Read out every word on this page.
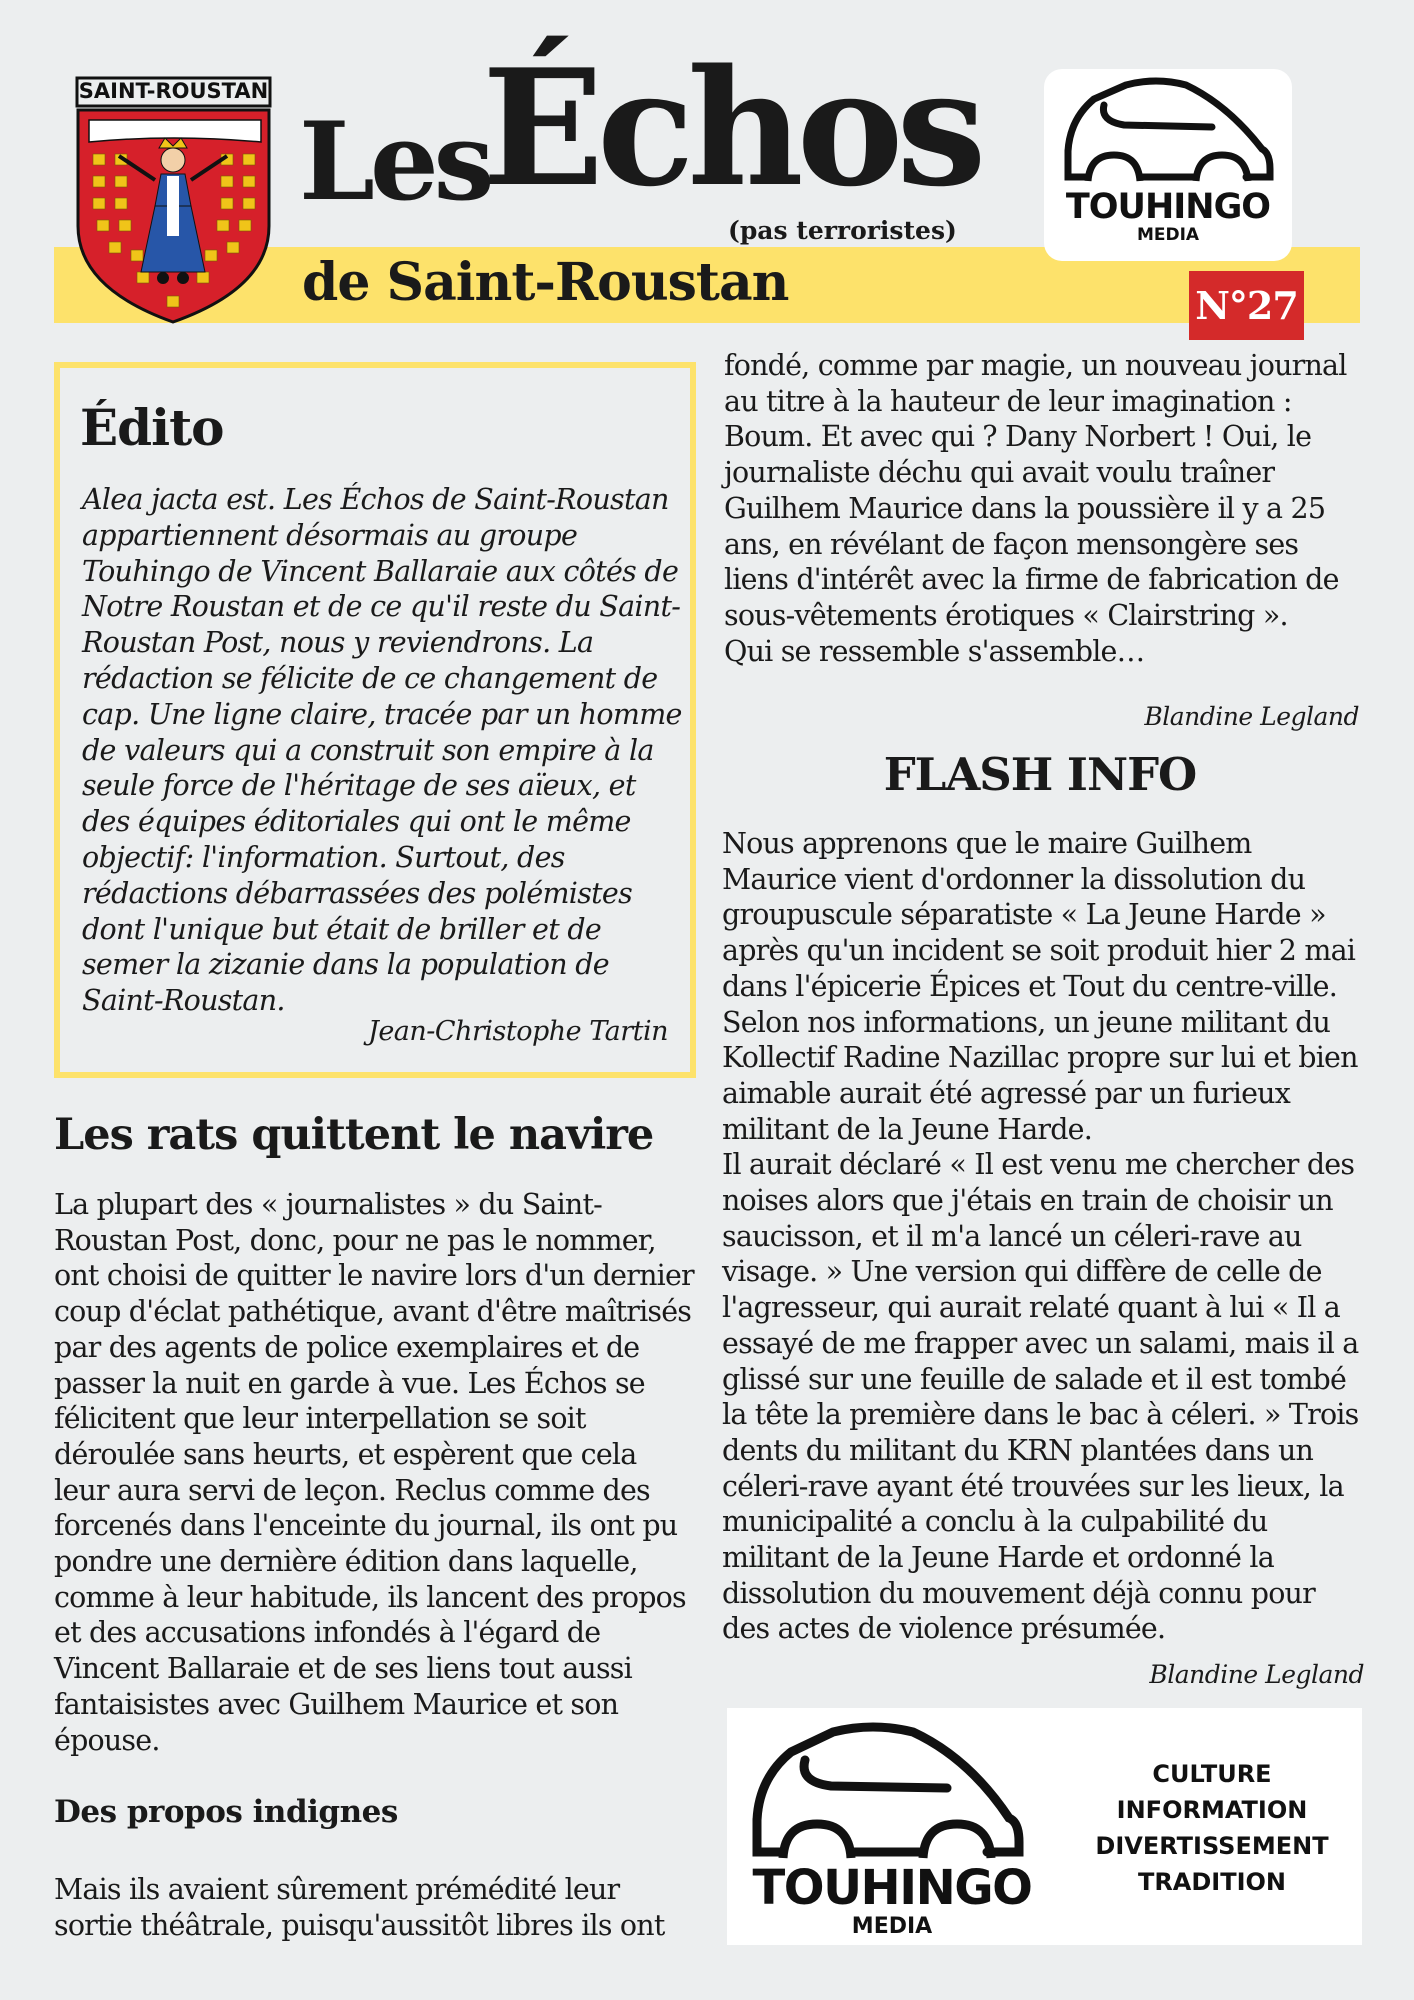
SAINT-ROUSTAN
Les
Échos
(pas terroristes)
de Saint-Roustan
TOUHINGO
MEDIA
N°27
Édito
Alea jacta est. Les Échos de Saint-Roustan appartiennent désormais au groupe Touhingo de Vincent Ballaraie aux côtés de Notre Roustan et de ce qu'il reste du Saint-Roustan Post, nous y reviendrons. La rédaction se félicite de ce changement de cap. Une ligne claire, tracée par un homme de valeurs qui a construit son empire à la seule force de l'héritage de ses aïeux, et des équipes éditoriales qui ont le même objectif: l'information. Surtout, des rédactions débarrassées des polémistes dont l'unique but était de briller et de semer la zizanie dans la population de Saint-Roustan.
Jean-Christophe Tartin
Les rats quittent le navire
La plupart des « journalistes » du Saint-Roustan Post, donc, pour ne pas le nommer, ont choisi de quitter le navire lors d'un dernier coup d'éclat pathétique, avant d'être maîtrisés par des agents de police exemplaires et de passer la nuit en garde à vue. Les Échos se félicitent que leur interpellation se soit déroulée sans heurts, et espèrent que cela leur aura servi de leçon. Reclus comme des forcenés dans l'enceinte du journal, ils ont pu pondre une dernière édition dans laquelle, comme à leur habitude, ils lancent des propos et des accusations infondés à l'égard de Vincent Ballaraie et de ses liens tout aussi fantaisistes avec Guilhem Maurice et son épouse.
Des propos indignes
Mais ils avaient sûrement prémédité leur sortie théâtrale, puisqu'aussitôt libres ils ont
fondé, comme par magie, un nouveau journal au titre à la hauteur de leur imagination : Boum. Et avec qui ? Dany Norbert ! Oui, le journaliste déchu qui avait voulu traîner Guilhem Maurice dans la poussière il y a 25 ans, en révélant de façon mensongère ses liens d'intérêt avec la firme de fabrication de sous-vêtements érotiques « Clairstring ».
Qui se ressemble s'assemble…
Blandine Legland
FLASH INFO
Nous apprenons que le maire Guilhem Maurice vient d'ordonner la dissolution du groupuscule séparatiste « La Jeune Harde » après qu'un incident se soit produit hier 2 mai dans l'épicerie Épices et Tout du centre-ville. Selon nos informations, un jeune militant du Kollectif Radine Nazillac propre sur lui et bien aimable aurait été agressé par un furieux militant de la Jeune Harde.
Il aurait déclaré « Il est venu me chercher des noises alors que j'étais en train de choisir un saucisson, et il m'a lancé un céleri-rave au visage. » Une version qui diffère de celle de l'agresseur, qui aurait relaté quant à lui « Il a essayé de me frapper avec un salami, mais il a glissé sur une feuille de salade et il est tombé la tête la première dans le bac à céleri. » Trois dents du militant du KRN plantées dans un céleri-rave ayant été trouvées sur les lieux, la municipalité a conclu à la culpabilité du militant de la Jeune Harde et ordonné la dissolution du mouvement déjà connu pour des actes de violence présumée.
Blandine Legland
TOUHINGO
MEDIA
CULTURE
INFORMATION
DIVERTISSEMENT
TRADITION
